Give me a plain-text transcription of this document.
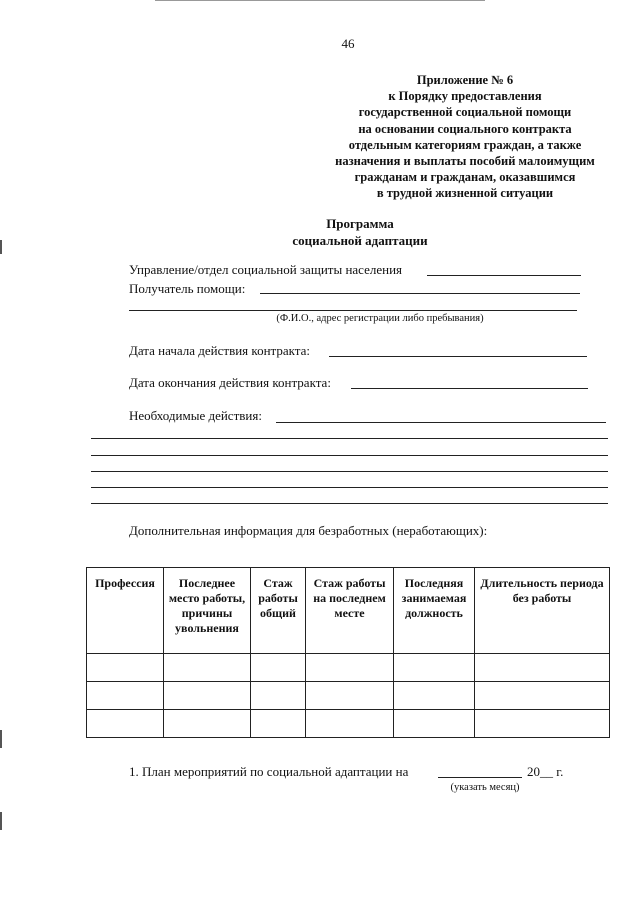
46
Приложение № 6
к Порядку предоставления
государственной социальной помощи
на основании социального контракта
отдельным категориям граждан, а также
назначения и выплаты пособий малоимущим
гражданам и гражданам, оказавшимся
в трудной жизненной ситуации
Программа
социальной адаптации
Управление/отдел социальной защиты населения
Получатель помощи:
(Ф.И.О., адрес регистрации либо пребывания)
Дата начала действия контракта:
Дата окончания действия контракта:
Необходимые действия:
Дополнительная информация для безработных (неработающих):
Профессия	Последнее место работы, причины увольнения	Стаж работы общий	Стаж работы на последнем месте	Последняя занимаемая должность	Длительность периода без работы

1. План мероприятий по социальной адаптации на	20__ г.
(указать месяц)
